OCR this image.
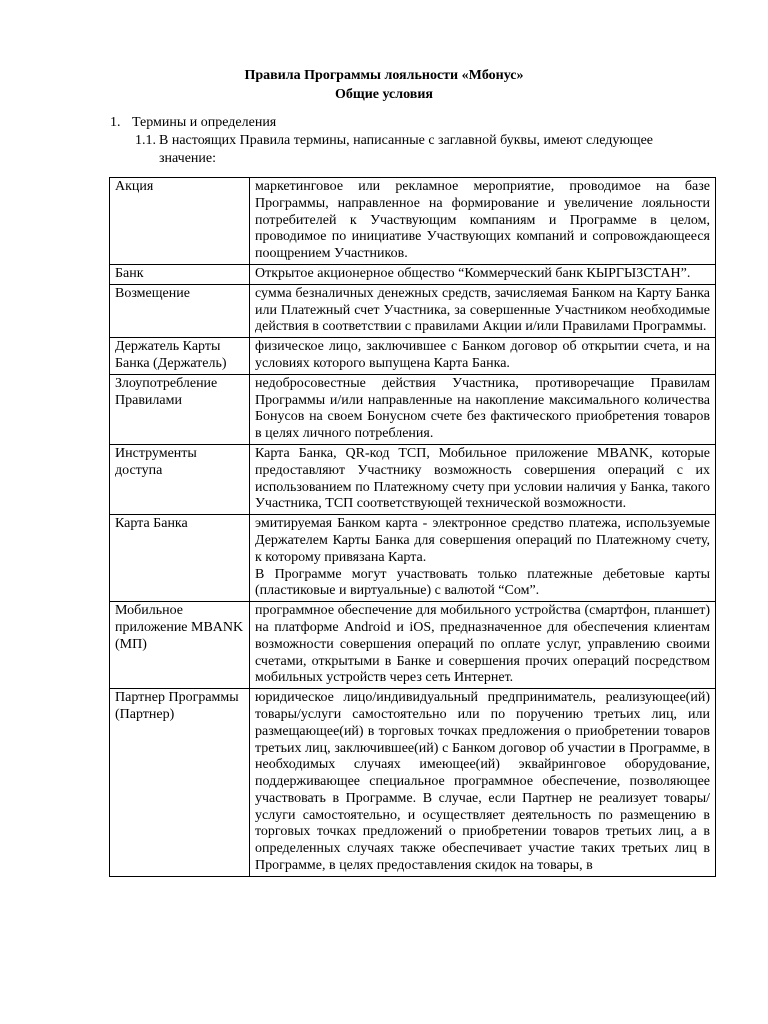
Правила Программы лояльности «Мбонус»
Общие условия
1. Термины и определения
1.1. В настоящих Правила термины, написанные с заглавной буквы, имеют следующее
значение:
Акция	маркетинговое или рекламное мероприятие, проводимое на базе Программы, направленное на формирование и увеличение лояльности потребителей к Участвующим компаниям и Программе в целом, проводимое по инициативе Участвующих компаний и сопровождающееся поощрением Участников.

Банк	Открытое акционерное общество “Коммерческий банк КЫРГЫЗСТАН”.

Возмещение	сумма безналичных денежных средств, зачисляемая Банком на Карту Банка или Платежный счет Участника, за совершенные Участником необходимые действия в соответствии с правилами Акции и/или Правилами Программы.

Держатель Карты Банка (Держатель)	физическое лицо, заключившее с Банком договор об открытии счета, и на условиях которого выпущена Карта Банка.

Злоупотребление Правилами	недобросовестные действия Участника, противоречащие Правилам Программы и/или направленные на накопление максимального количества Бонусов на своем Бонусном счете без фактического приобретения товаров в целях личного потребления.

Инструменты доступа	Карта Банка, QR-код ТСП, Мобильное приложение MBANK, которые предоставляют Участнику возможность совершения операций с их использованием по Платежному счету при условии наличия у Банка, такого Участника, ТСП соответствующей технической возможности.

Карта Банка	эмитируемая Банком карта - электронное средство платежа, используемые Держателем Карты Банка для совершения операций по Платежному счету, к которому привязана Карта.
В Программе могут участвовать только платежные дебетовые карты (пластиковые и виртуальные) с валютой “Сом”.

Мобильное приложение MBANK (МП)	программное обеспечение для мобильного устройства (смартфон, планшет) на платформе Android и iOS, предназначенное для обеспечения клиентам возможности совершения операций по оплате услуг, управлению своими счетами, открытыми в Банке и совершения прочих операций посредством мобильных устройств через сеть Интернет.

Партнер Программы (Партнер)	юридическое лицо/индивидуальный предприниматель, реализующее(ий) товары/услуги самостоятельно или по поручению третьих лиц, или размещающее(ий) в торговых точках предложения о приобретении товаров третьих лиц, заключившее(ий) с Банком договор об участии в Программе, в необходимых случаях имеющее(ий) эквайринговое оборудование, поддерживающее специальное программное обеспечение, позволяющее участвовать в Программе. В случае, если Партнер не реализует товары/услуги самостоятельно, и осуществляет деятельность по размещению в торговых точках предложений о приобретении товаров третьих лиц, а в определенных случаях также обеспечивает участие таких третьих лиц в Программе, в целях предоставления скидок на товары, в
